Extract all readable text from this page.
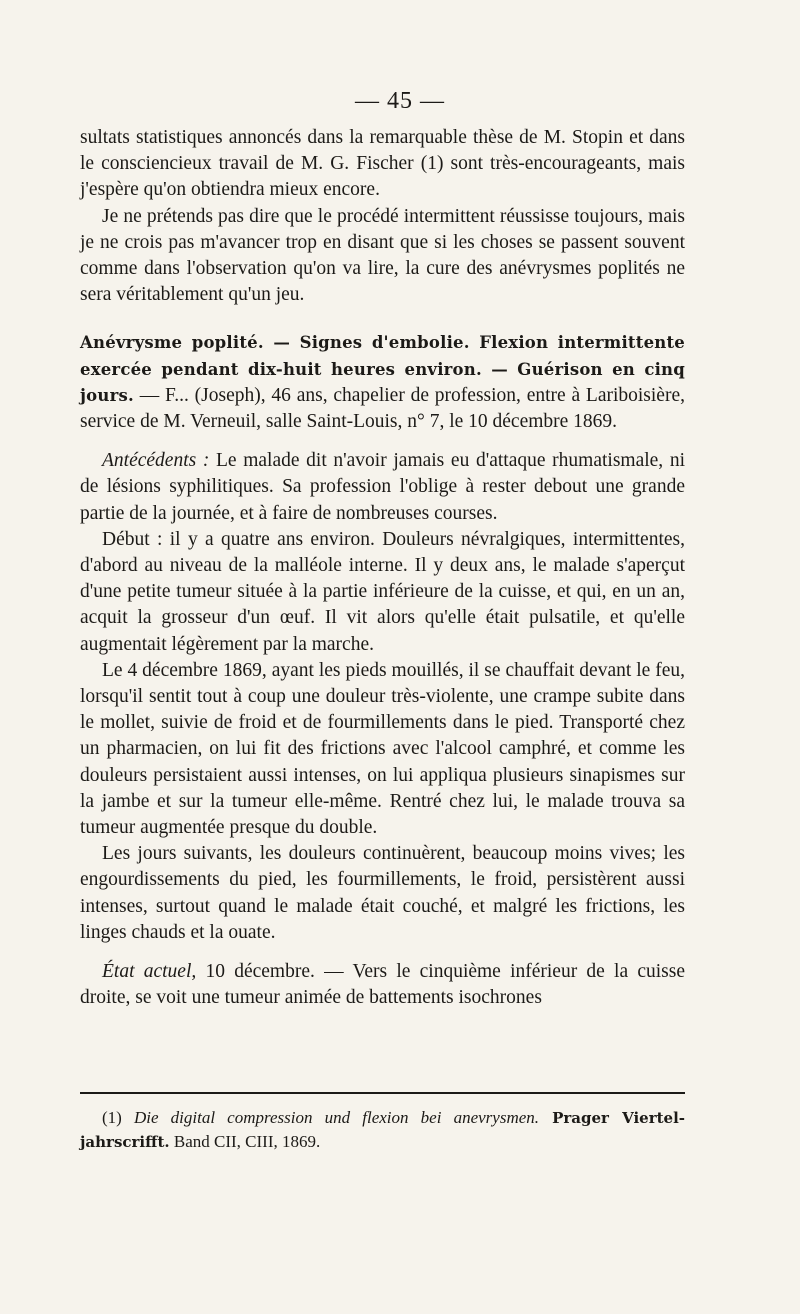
— 45 —

sultats statistiques annoncés dans la remarquable thèse de M. Stopin et dans le consciencieux travail de M. G. Fischer (1) sont très-encourageants, mais j'espère qu'on obtiendra mieux encore.

Je ne prétends pas dire que le procédé intermittent réussisse toujours, mais je ne crois pas m'avancer trop en disant que si les choses se passent souvent comme dans l'observation qu'on va lire, la cure des anévrysmes poplités ne sera véritablement qu'un jeu.

Anévrysme poplité. — Signes d'embolie. Flexion intermittente exercée pendant dix-huit heures environ. — Guérison en cinq jours. — F... (Joseph), 46 ans, chapelier de profession, entre à Lariboisière, service de M. Verneuil, salle Saint-Louis, n° 7, le 10 décembre 1869.

Antécédents : Le malade dit n'avoir jamais eu d'attaque rhumatismale, ni de lésions syphilitiques. Sa profession l'oblige à rester debout une grande partie de la journée, et à faire de nombreuses courses.

Début : il y a quatre ans environ. Douleurs névralgiques, intermittentes, d'abord au niveau de la malléole interne. Il y deux ans, le malade s'aperçut d'une petite tumeur située à la partie inférieure de la cuisse, et qui, en un an, acquit la grosseur d'un œuf. Il vit alors qu'elle était pulsatile, et qu'elle augmentait légèrement par la marche.

Le 4 décembre 1869, ayant les pieds mouillés, il se chauffait devant le feu, lorsqu'il sentit tout à coup une douleur très-violente, une crampe subite dans le mollet, suivie de froid et de fourmillements dans le pied. Transporté chez un pharmacien, on lui fit des frictions avec l'alcool camphré, et comme les douleurs persistaient aussi intenses, on lui appliqua plusieurs sinapismes sur la jambe et sur la tumeur elle-même. Rentré chez lui, le malade trouva sa tumeur augmentée presque du double.

Les jours suivants, les douleurs continuèrent, beaucoup moins vives; les engourdissements du pied, les fourmillements, le froid, persistèrent aussi intenses, surtout quand le malade était couché, et malgré les frictions, les linges chauds et la ouate.

État actuel, 10 décembre. — Vers le cinquième inférieur de la cuisse droite, se voit une tumeur animée de battements isochrones

(1) Die digital compression und flexion bei anevrysmen. Prager Viertel-jahrscrifft. Band CII, CIII, 1869.
